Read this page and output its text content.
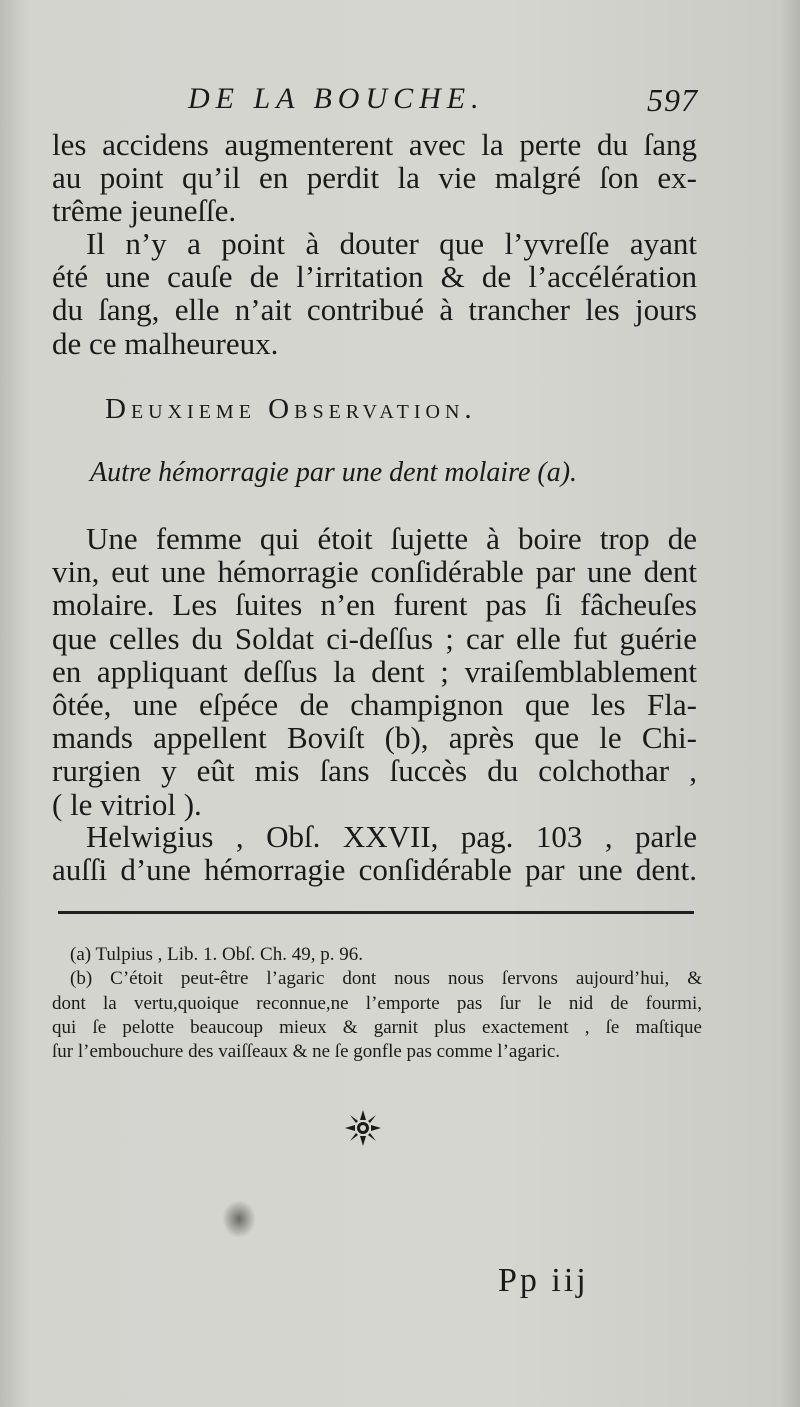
DE LA BOUCHE.	597
les accidens augmenterent avec la perte du ſang
au point qu’il en perdit la vie malgré ſon ex-
trême jeuneſſe.
Il n’y a point à douter que l’yvreſſe ayant
été une cauſe de l’irritation & de l’accélération
du ſang, elle n’ait contribué à trancher les jours
de ce malheureux.
Deuxieme Observation.
Autre hémorragie par une dent molaire (a).
Une femme qui étoit ſujette à boire trop de
vin, eut une hémorragie conſidérable par une dent
molaire. Les ſuites n’en furent pas ſi fâcheuſes
que celles du Soldat ci-deſſus ; car elle fut guérie
en appliquant deſſus la dent ; vraiſemblablement
ôtée, une eſpéce de champignon que les Fla-
mands appellent Boviſt (b), après que le Chi-
rurgien y eût mis ſans ſuccès du colchothar ,
( le vitriol ).
Helwigius , Obſ. XXVII, pag. 103 , parle
auſſi d’une hémorragie conſidérable par une dent.
(a) Tulpius , Lib. 1. Obſ. Ch. 49, p. 96.
(b) C’étoit peut-être l’agaric dont nous nous ſervons aujourd’hui, &
dont la vertu,quoique reconnue,ne l’emporte pas ſur le nid de fourmi,
qui ſe pelotte beaucoup mieux & garnit plus exactement , ſe maſtique
ſur l’embouchure des vaiſſeaux & ne ſe gonfle pas comme l’agaric.
Pp iij
